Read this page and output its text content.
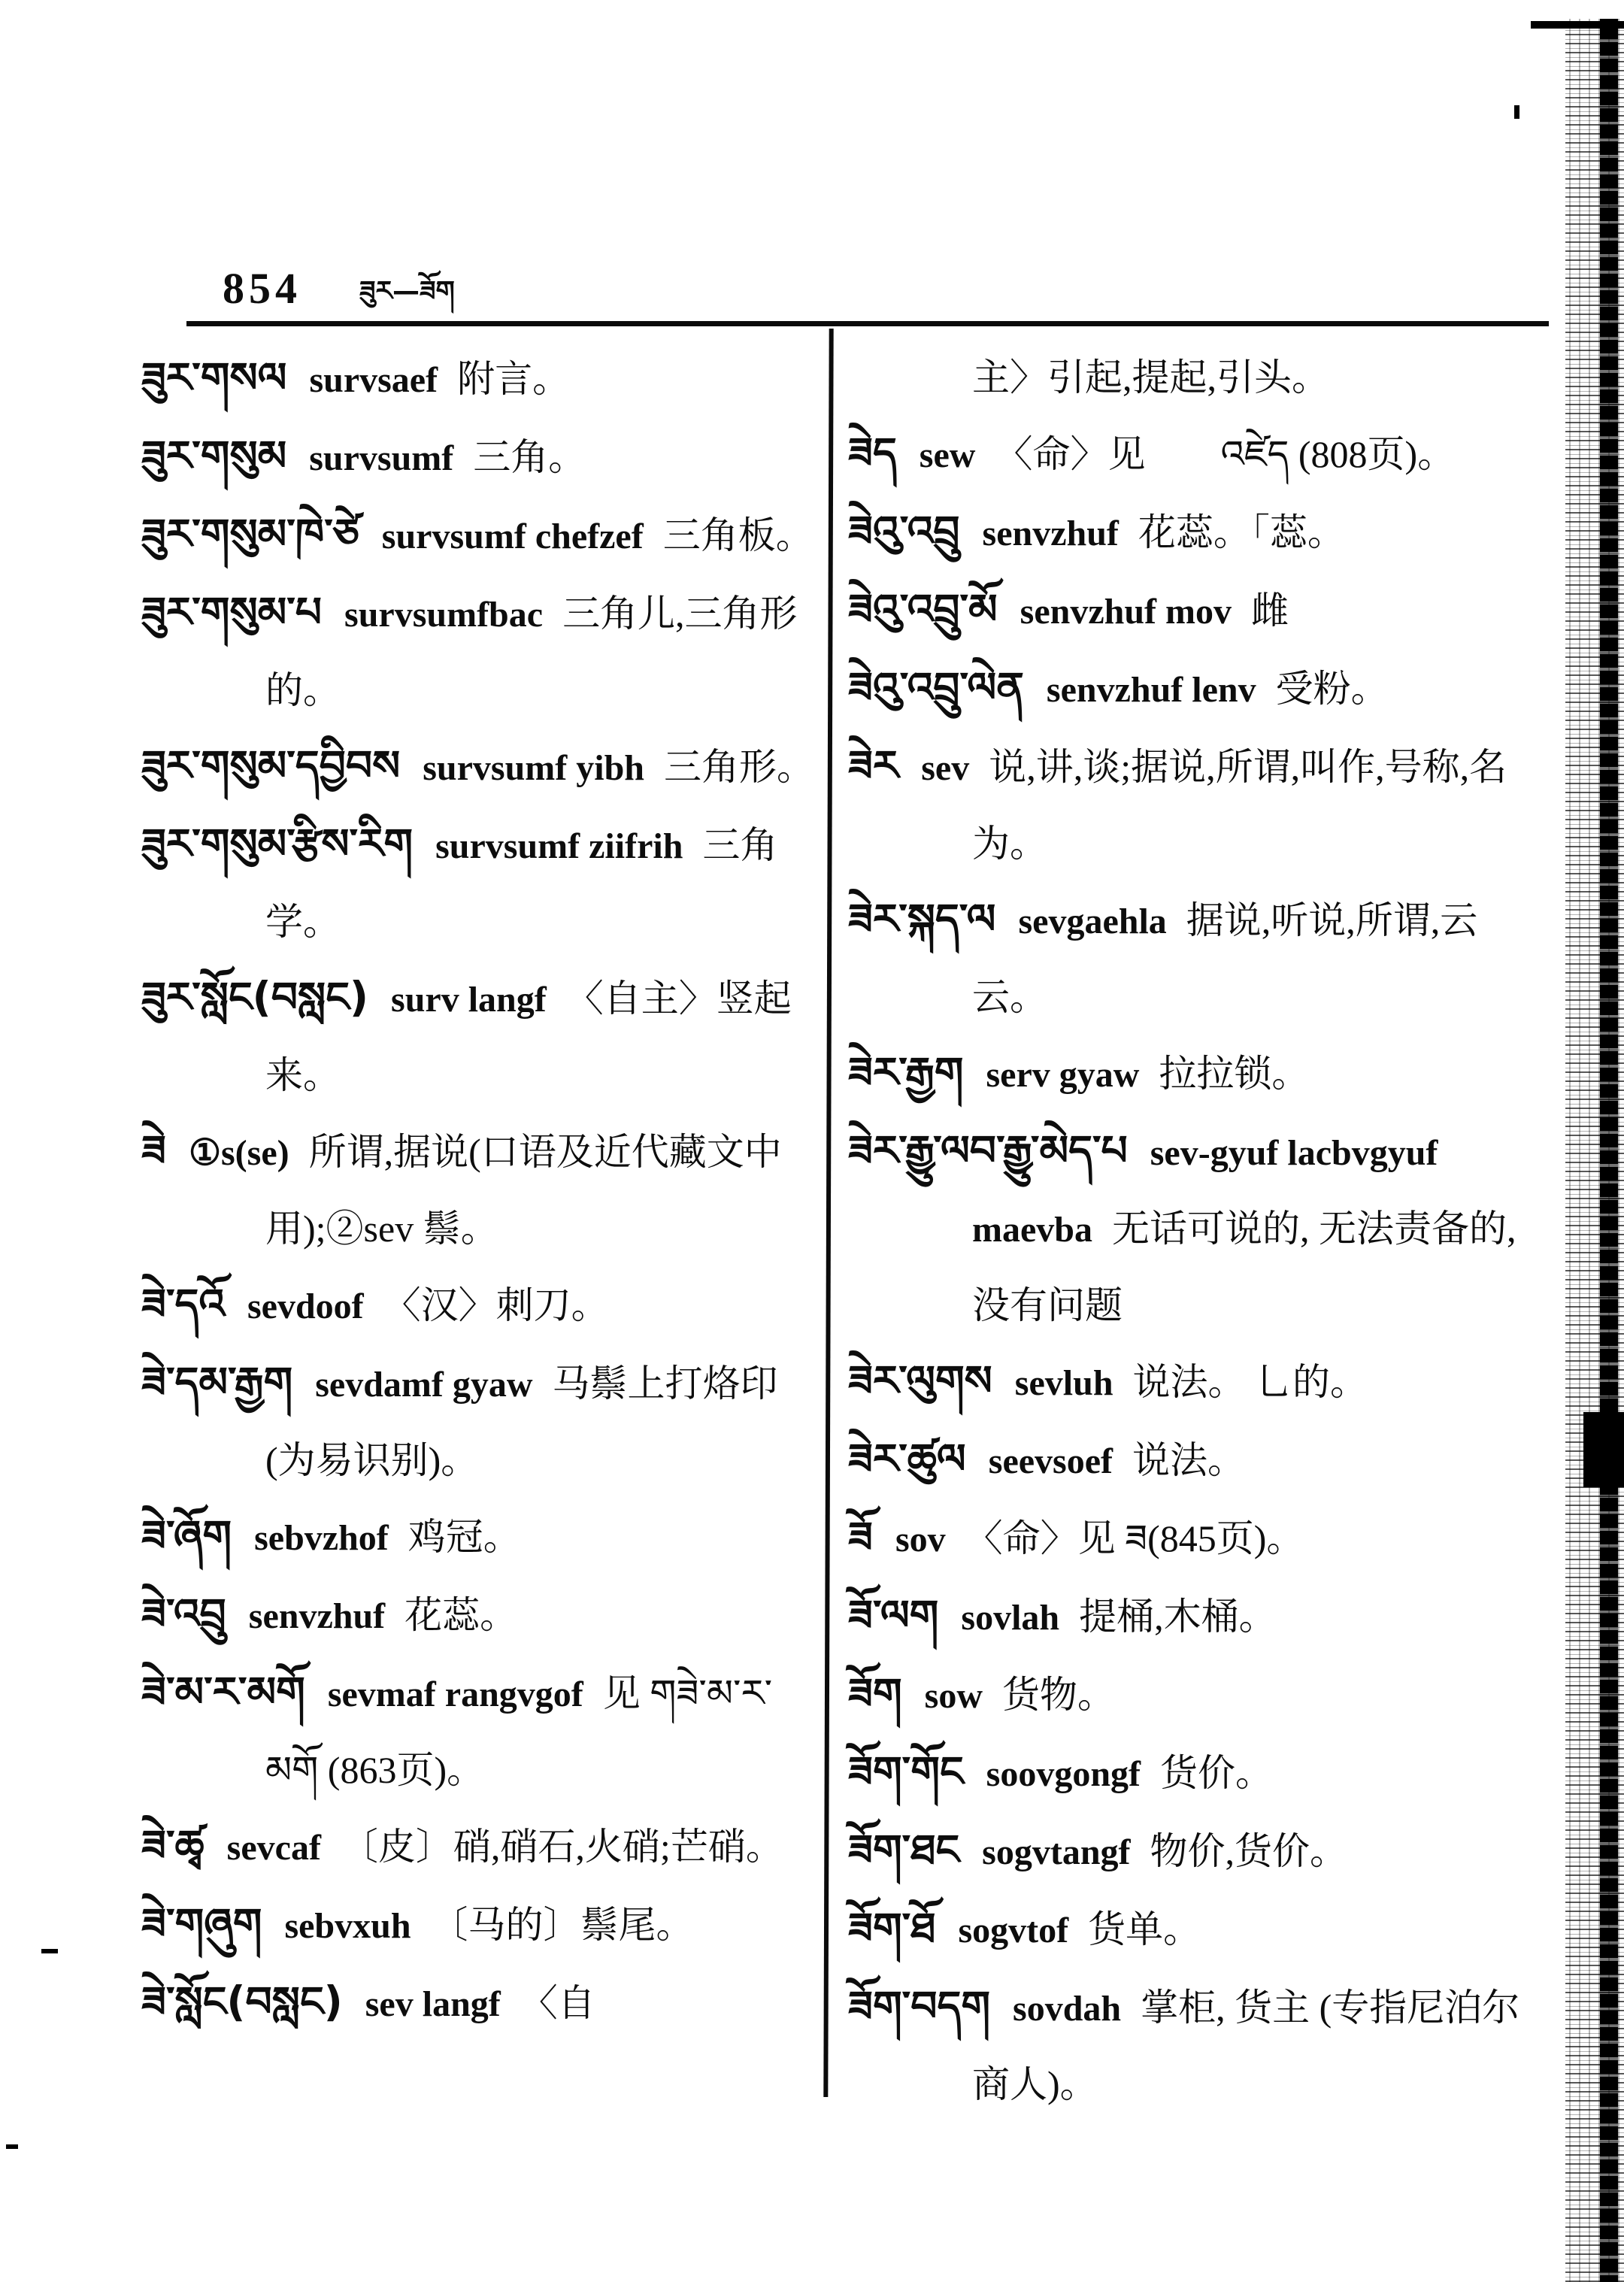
854 ཟུར—ཟོག
ཟུར་གསལ survsaef 附言。
ཟུར་གསུམ survsumf 三角。
ཟུར་གསུམ་ཁེ་ཙེ survsumf chefzef 三角板。
ཟུར་གསུམ་པ survsumfbac 三角儿,三角形的。
ཟུར་གསུམ་དབྱིབས survsumf yibh 三角形。
ཟུར་གསུམ་རྩིས་རིག survsumf ziifrih 三角学。
ཟུར་སློང(བསླང) surv langf 〈自主〉竖起来。
ཟེ ①s(se) 所谓,据说(口语及近代藏文中用);②sev 鬃。
ཟེ་དའོ sevdoof 〈汉〉刺刀。
ཟེ་དམ་རྒྱག sevdamf gyaw 马鬃上打烙印(为易识别)。
ཟེ་ཞོག sebvzhof 鸡冠。
ཟེ་འབྲུ senvzhuf 花蕊。
ཟེ་མ་ར་མགོ sevmaf rangvgof 见 གཟེ་མ་ར་མགོ (863页)。
ཟེ་ཚྭ sevcaf 〔皮〕硝,硝石,火硝;芒硝。
ཟེ་གཞུག sebvxuh 〔马的〕鬃尾。
ཟེ་སློང(བསླང) sev langf 〈自
主〉引起,提起,引头。
ཟེད sew 〈命〉见　　འཛེད (808页)。
ཟེའུ་འབྲུ senvzhuf 花蕊。「蕊。
ཟེའུ་འབྲུ་མོ senvzhuf mov 雌
ཟེའུ་འབྲུ་ལེན senvzhuf lenv 受粉。
ཟེར sev 说,讲,谈;据说,所谓,叫作,号称,名为。
ཟེར་སྐད་ལ sevgaehla 据说,听说,所谓,云云。
ཟེར་རྒྱག serv gyaw 拉拉锁。
ཟེར་རྒྱུ་ལབ་རྒྱུ་མེད་པ sev-gyuf lacbvgyuf maevba 无话可说的, 无法责备的, 没有问题
ཟེར་ལུགས sevluh 说法。 乚的。
ཟེར་ཚུལ seevsoef 说法。
ཟོ sov 〈命〉见 ཟ(845页)。
ཟོ་ལག sovlah 提桶,木桶。
ཟོག sow 货物。
ཟོག་གོང soovgongf 货价。
ཟོག་ཐང sogvtangf 物价,货价。
ཟོག་ཐོ sogvtof 货单。
ཟོག་བདག sovdah 掌柜, 货主 (专指尼泊尔商人)。
